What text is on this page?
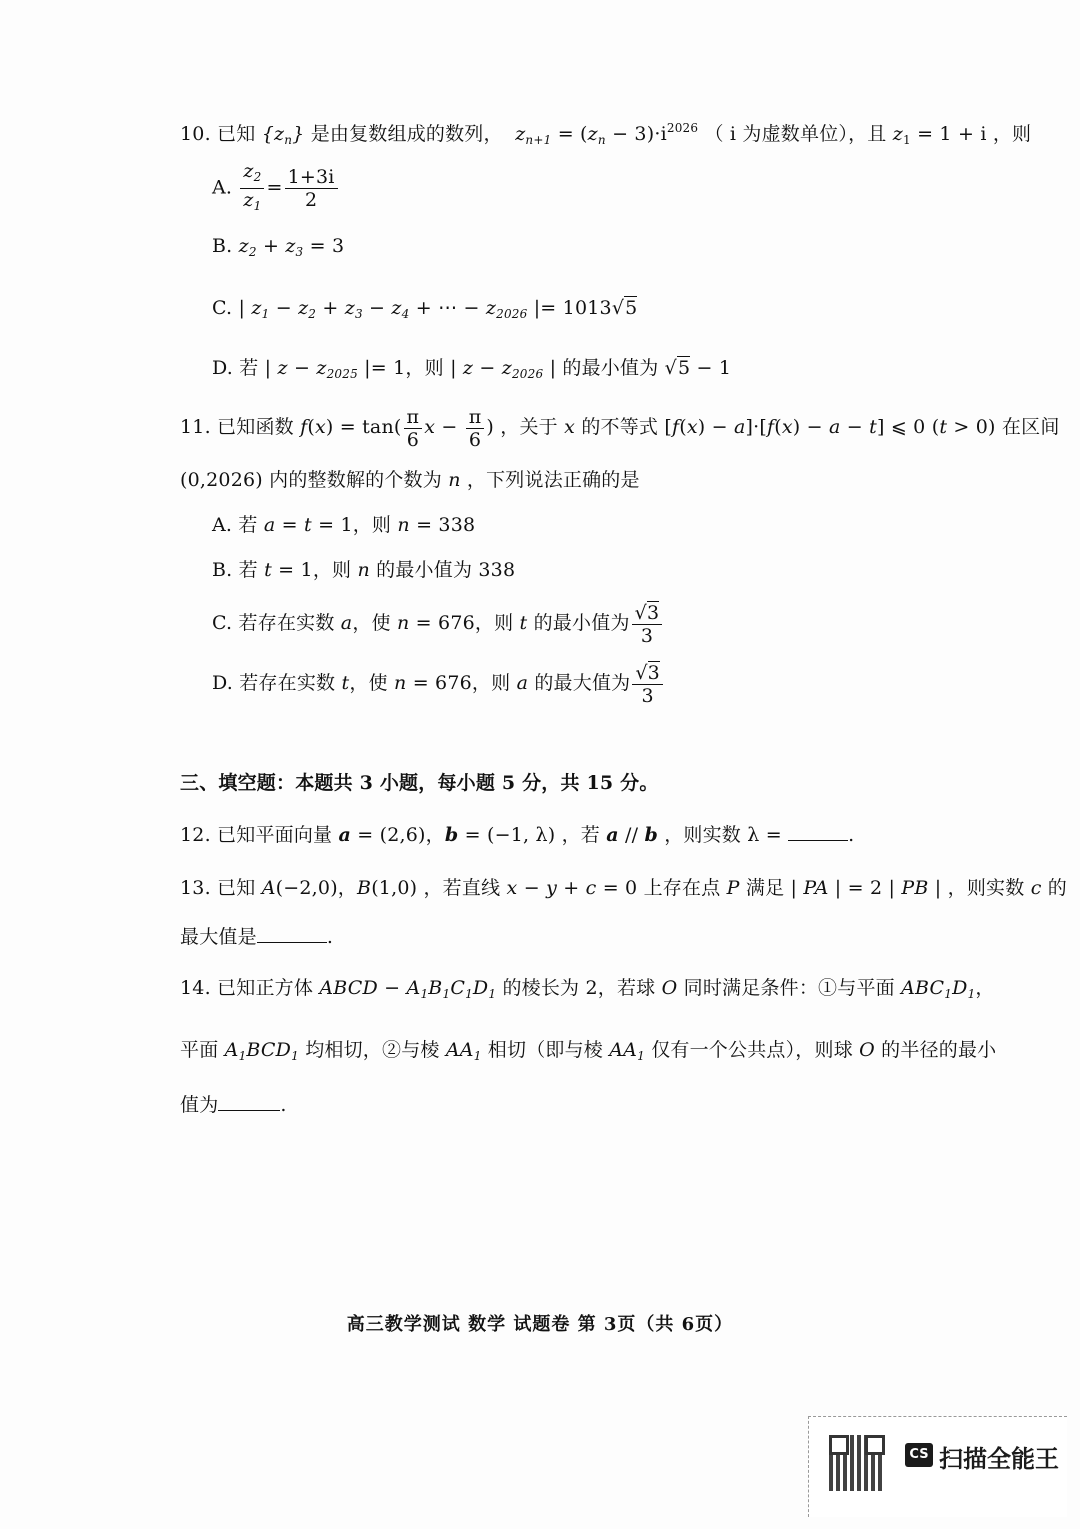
10. 已知 $\{z_n\}$ 是由复数组成的数列， $z_{n+1} = (z_n - 3)\cdot i^{2026}$ （ i 为虚数单位），且 $z_1 = 1 + i$ ，则
A. $\frac{z_2}{z_1} = \frac{1+3i}{2}$
B. $z_2 + z_3 = 3$
C. | $z_1 - z_2 + z_3 - z_4$ + ⋯ − $z_{2026}$ |= 1013√5
D. 若 | $z - z_{2025}$ |= 1，则 | $z - z_{2026}$ | 的最小值为 √5 − 1
11. 已知函数 $f(x) = \tan( \frac{\pi}{6}$ $x - \frac{\pi}{6}$ ) ，关于 x 的不等式 [f(x) − a]·[f(x) − a − t] ⩽ 0 (t > 0) 在区间
(0,2026) 内的整数解的个数为 n ，下列说法正确的是
A. 若 a = t = 1，则 n = 338
B. 若 t = 1，则 n 的最小值为 338
C. 若存在实数 a，使 n = 676，则 t 的最小值为 $\frac{√3}{3}$
D. 若存在实数 t，使 n = 676，则 a 的最大值为 $\frac{√3}{3}$
三、填空题：本题共 3 小题，每小题 5 分，共 15 分。
12. 已知平面向量 a = (2,6)，b = (−1, λ) ，若 a // b ，则实数 λ =	.
13. 已知 A(−2,0)，B(1,0) ，若直线 x − y + c = 0 上存在点 P 满足 | PA | = 2 | PB | ，则实数 c 的
最大值是	.
14. 已知正方体 ABCD − $A_1B_1C_1D_1$ 的棱长为 2，若球 O 同时满足条件：①与平面 $ABC_1D_1$，
平面 $A_1BCD_1$ 均相切，②与棱 $AA_1$ 相切（即与棱 $AA_1$ 仅有一个公共点），则球 O 的半径的最小
值为	.
高三教学测试 数学 试题卷 第 3页（共 6页）
CS 扫描全能王
